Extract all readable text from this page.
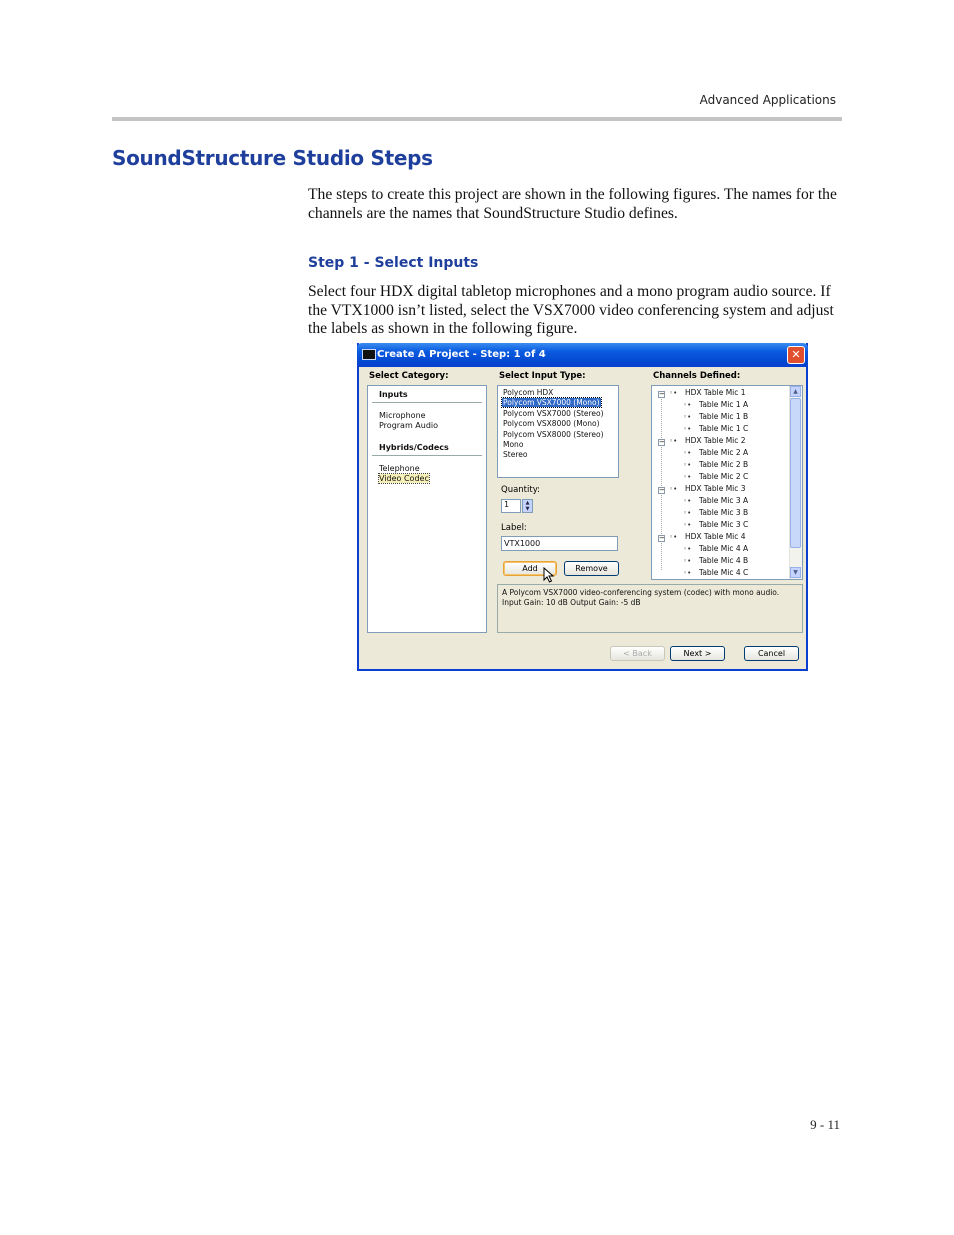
Advanced Applications
SoundStructure Studio Steps

The steps to create this project are shown in the following figures. The names for the channels are the names that SoundStructure Studio defines.

Step 1 - Select Inputs

Select four HDX digital tabletop microphones and a mono program audio source. If the VTX1000 isn’t listed, select the VSX7000 video conferencing system and adjust the labels as shown in the following figure.

Create A Project - Step: 1 of 4	✕
Select Category:
Inputs
Microphone
Program Audio
Hybrids/Codecs
Telephone
Video Codec
Select Input Type:
Polycom HDX
Polycom VSX7000 (Mono)
Polycom VSX7000 (Stereo)
Polycom VSX8000 (Mono)
Polycom VSX8000 (Stereo)
Mono
Stereo
Quantity:
1	▲
▼
Label:
VTX1000
Add	Remove
Channels Defined:
− ◦• HDX Table Mic 1
◦• Table Mic 1 A
◦• Table Mic 1 B
◦• Table Mic 1 C
− ◦• HDX Table Mic 2
◦• Table Mic 2 A
◦• Table Mic 2 B
◦• Table Mic 2 C
− ◦• HDX Table Mic 3
◦• Table Mic 3 A
◦• Table Mic 3 B
◦• Table Mic 3 C
− ◦• HDX Table Mic 4
◦• Table Mic 4 A
◦• Table Mic 4 B
◦• Table Mic 4 C
▲
▼
A Polycom VSX7000 video-conferencing system (codec) with mono audio.
Input Gain: 10 dB Output Gain: -5 dB
< Back	Next >	Cancel
9 - 11
